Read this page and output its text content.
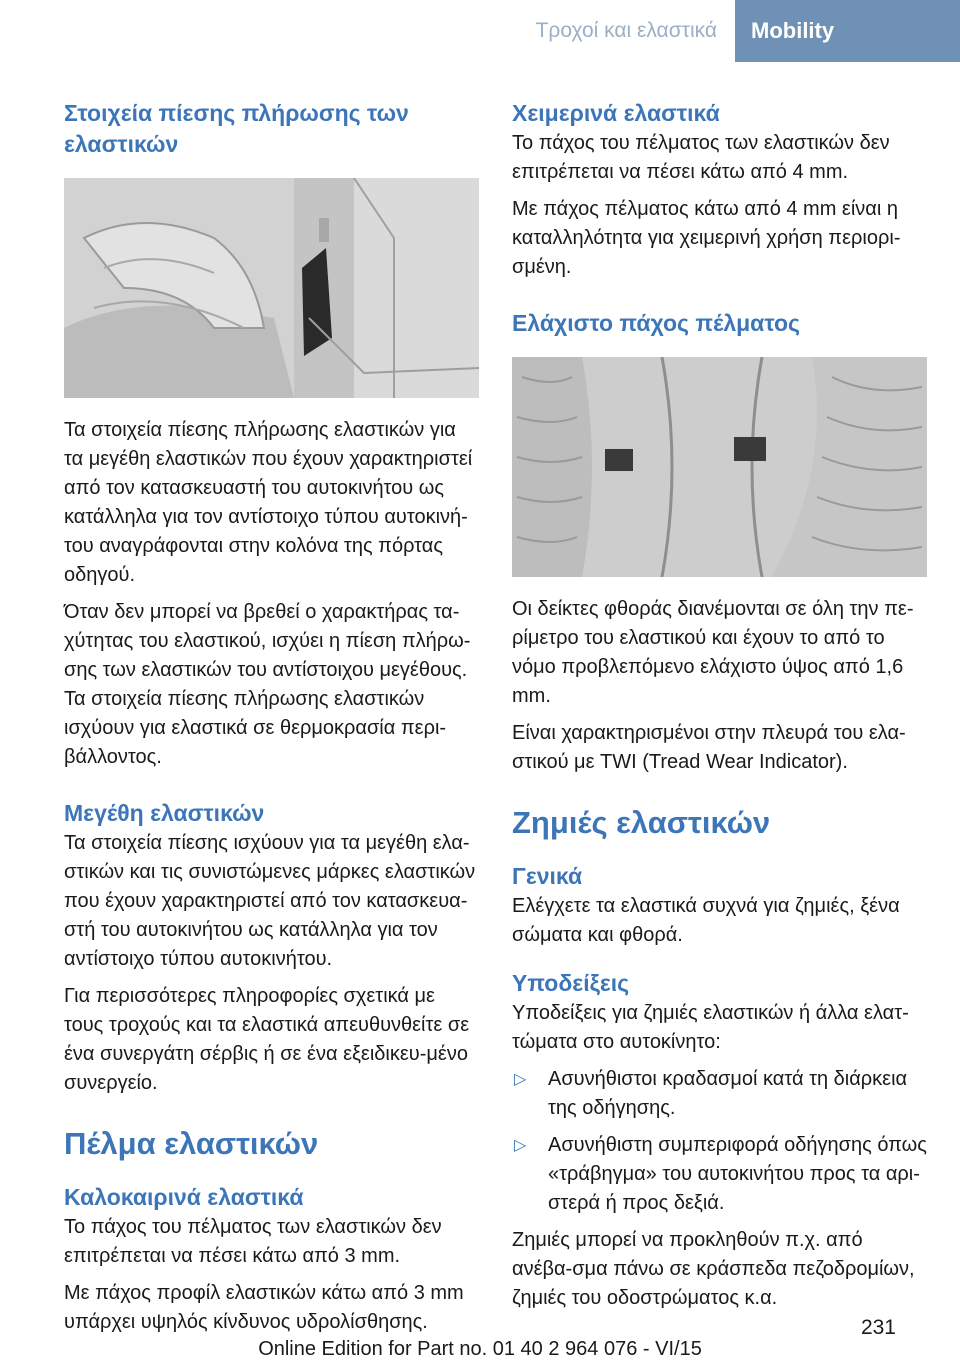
Τροχοί και ελαστικά	Mobility
Στοιχεία πίεσης πλήρωσης των ελαστικών

Τα στοιχεία πίεσης πλήρωσης ελαστικών για τα μεγέθη ελαστικών που έχουν χαρακτηριστεί από τον κατασκευαστή του αυτοκινήτου ως κατάλληλα για τον αντίστοιχο τύπου αυτοκινή-του αναγράφονται στην κολόνα της πόρτας οδηγού.

Όταν δεν μπορεί να βρεθεί ο χαρακτήρας τα-χύτητας του ελαστικού, ισχύει η πίεση πλήρω-σης των ελαστικών του αντίστοιχου μεγέθους. Τα στοιχεία πίεσης πλήρωσης ελαστικών ισχύουν για ελαστικά σε θερμοκρασία περι-βάλλοντος.

Μεγέθη ελαστικών

Τα στοιχεία πίεσης ισχύουν για τα μεγέθη ελα-στικών και τις συνιστώμενες μάρκες ελαστικών που έχουν χαρακτηριστεί από τον κατασκευα-στή του αυτοκινήτου ως κατάλληλα για τον αντίστοιχο τύπου αυτοκινήτου.

Για περισσότερες πληροφορίες σχετικά με τους τροχούς και τα ελαστικά απευθυνθείτε σε ένα συνεργάτη σέρβις ή σε ένα εξειδικευ-μένο συνεργείο.

Πέλμα ελαστικών
Καλοκαιρινά ελαστικά

Το πάχος του πέλματος των ελαστικών δεν επιτρέπεται να πέσει κάτω από 3 mm.

Με πάχος προφίλ ελαστικών κάτω από 3 mm υπάρχει υψηλός κίνδυνος υδρολίσθησης.

Χειμερινά ελαστικά

Το πάχος του πέλματος των ελαστικών δεν επιτρέπεται να πέσει κάτω από 4 mm.

Με πάχος πέλματος κάτω από 4 mm είναι η καταλληλότητα για χειμερινή χρήση περιορι-σμένη.

Ελάχιστο πάχος πέλματος

Οι δείκτες φθοράς διανέμονται σε όλη την πε-ρίμετρο του ελαστικού και έχουν το από το νόμο προβλεπόμενο ελάχιστο ύψος από 1,6 mm.

Είναι χαρακτηρισμένοι στην πλευρά του ελα-στικού με TWI (Tread Wear Indicator).

Ζημιές ελαστικών
Γενικά

Ελέγχετε τα ελαστικά συχνά για ζημιές, ξένα σώματα και φθορά.

Υποδείξεις

Υποδείξεις για ζημιές ελαστικών ή άλλα ελατ-τώματα στο αυτοκίνητο:

▷ Ασυνήθιστοι κραδασμοί κατά τη διάρκεια της οδήγησης.
▷ Ασυνήθιστη συμπεριφορά οδήγησης όπως «τράβηγμα» του αυτοκινήτου προς τα αρι-στερά ή προς δεξιά.

Ζημιές μπορεί να προκληθούν π.χ. από ανέβα-σμα πάνω σε κράσπεδα πεζοδρομίων, ζημιές του οδοστρώματος κ.α.

231
Online Edition for Part no. 01 40 2 964 076 - VI/15
